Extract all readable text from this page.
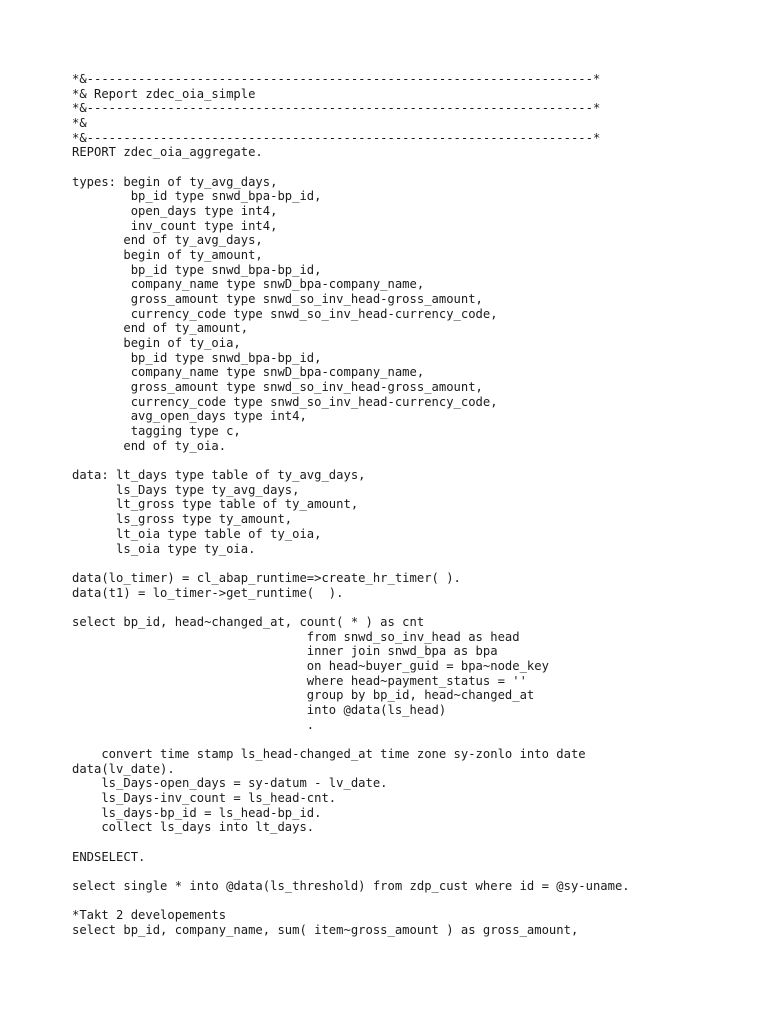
*&---------------------------------------------------------------------*
*& Report zdec_oia_simple
*&---------------------------------------------------------------------*
*&
*&---------------------------------------------------------------------*
REPORT zdec_oia_aggregate.
types: begin of ty_avg_days,
bp_id type snwd_bpa-bp_id,
open_days type int4,
inv_count type int4,
end of ty_avg_days,
begin of ty_amount,
bp_id type snwd_bpa-bp_id,
company_name type snwD_bpa-company_name,
gross_amount type snwd_so_inv_head-gross_amount,
currency_code type snwd_so_inv_head-currency_code,
end of ty_amount,
begin of ty_oia,
bp_id type snwd_bpa-bp_id,
company_name type snwD_bpa-company_name,
gross_amount type snwd_so_inv_head-gross_amount,
currency_code type snwd_so_inv_head-currency_code,
avg_open_days type int4,
tagging type c,
end of ty_oia.
data: lt_days type table of ty_avg_days,
ls_Days type ty_avg_days,
lt_gross type table of ty_amount,
ls_gross type ty_amount,
lt_oia type table of ty_oia,
ls_oia type ty_oia.
data(lo_timer) = cl_abap_runtime=>create_hr_timer( ).
data(t1) = lo_timer->get_runtime(  ).
select bp_id, head~changed_at, count( * ) as cnt
from snwd_so_inv_head as head
inner join snwd_bpa as bpa
on head~buyer_guid = bpa~node_key
where head~payment_status = ''
group by bp_id, head~changed_at
into @data(ls_head)
.
convert time stamp ls_head-changed_at time zone sy-zonlo into date
data(lv_date).
ls_Days-open_days = sy-datum - lv_date.
ls_Days-inv_count = ls_head-cnt.
ls_days-bp_id = ls_head-bp_id.
collect ls_days into lt_days.
ENDSELECT.
select single * into @data(ls_threshold) from zdp_cust where id = @sy-uname.
*Takt 2 developements
select bp_id, company_name, sum( item~gross_amount ) as gross_amount,
